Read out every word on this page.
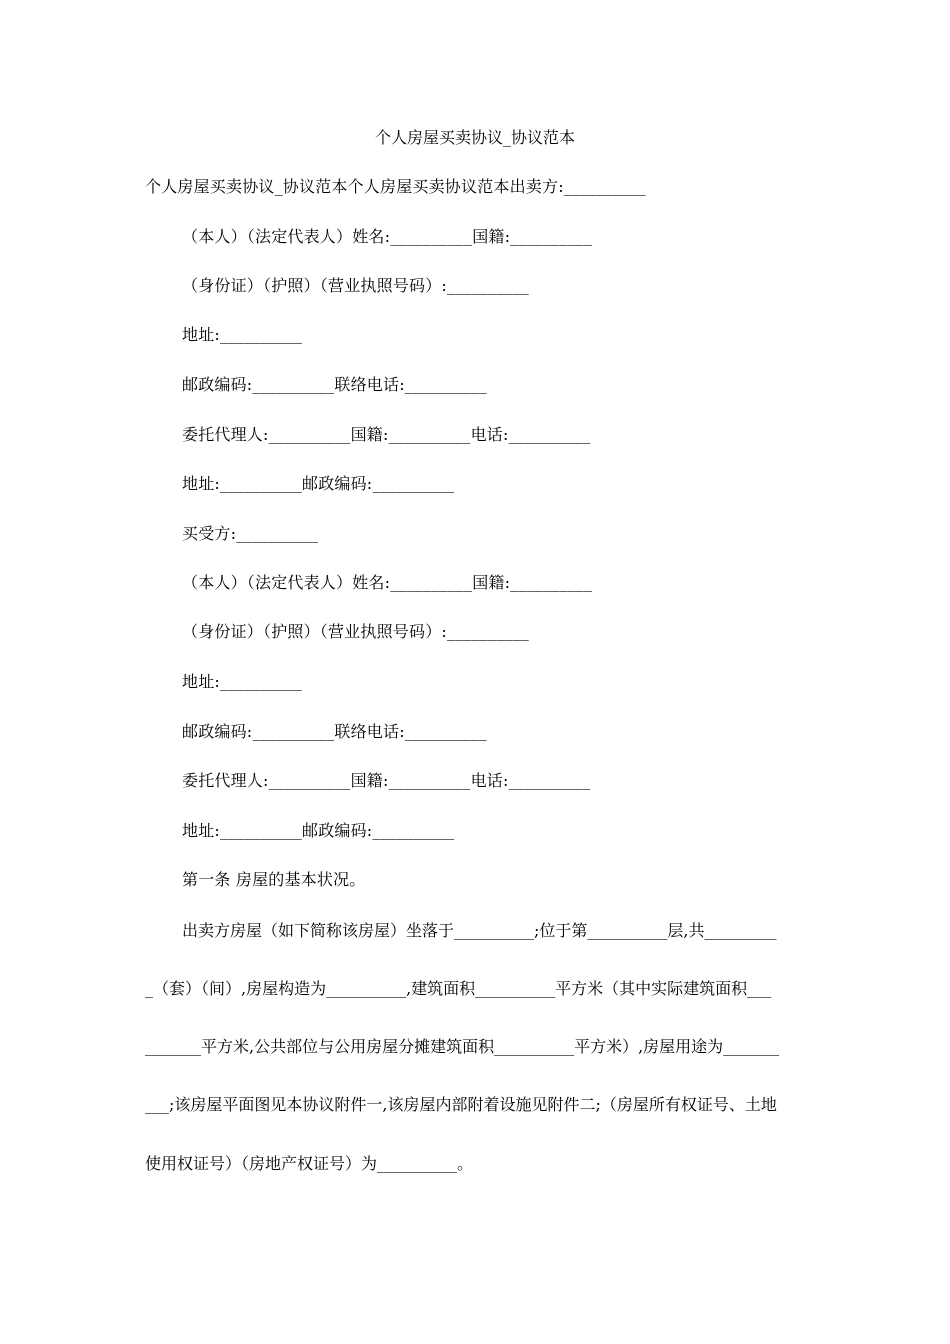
个人房屋买卖协议_协议范本
个人房屋买卖协议_协议范本个人房屋买卖协议范本出卖方:__________
（本人）（法定代表人）姓名:__________国籍:__________
（身份证）（护照）（营业执照号码）:__________
地址:__________
邮政编码:__________联络电话:__________
委托代理人:__________国籍:__________电话:__________
地址:__________邮政编码:__________
买受方:__________
（本人）（法定代表人）姓名:__________国籍:__________
（身份证）（护照）（营业执照号码）:__________
地址:__________
邮政编码:__________联络电话:__________
委托代理人:__________国籍:__________电话:__________
地址:__________邮政编码:__________
第一条 房屋的基本状况。
出卖方房屋（如下简称该房屋）坐落于__________;位于第__________层,共_________
_（套）（间）,房屋构造为__________,建筑面积__________平方米（其中实际建筑面积___
_______平方米,公共部位与公用房屋分摊建筑面积__________平方米）,房屋用途为_______
___;该房屋平面图见本协议附件一,该房屋内部附着设施见附件二;（房屋所有权证号、土地
使用权证号）（房地产权证号）为__________。
